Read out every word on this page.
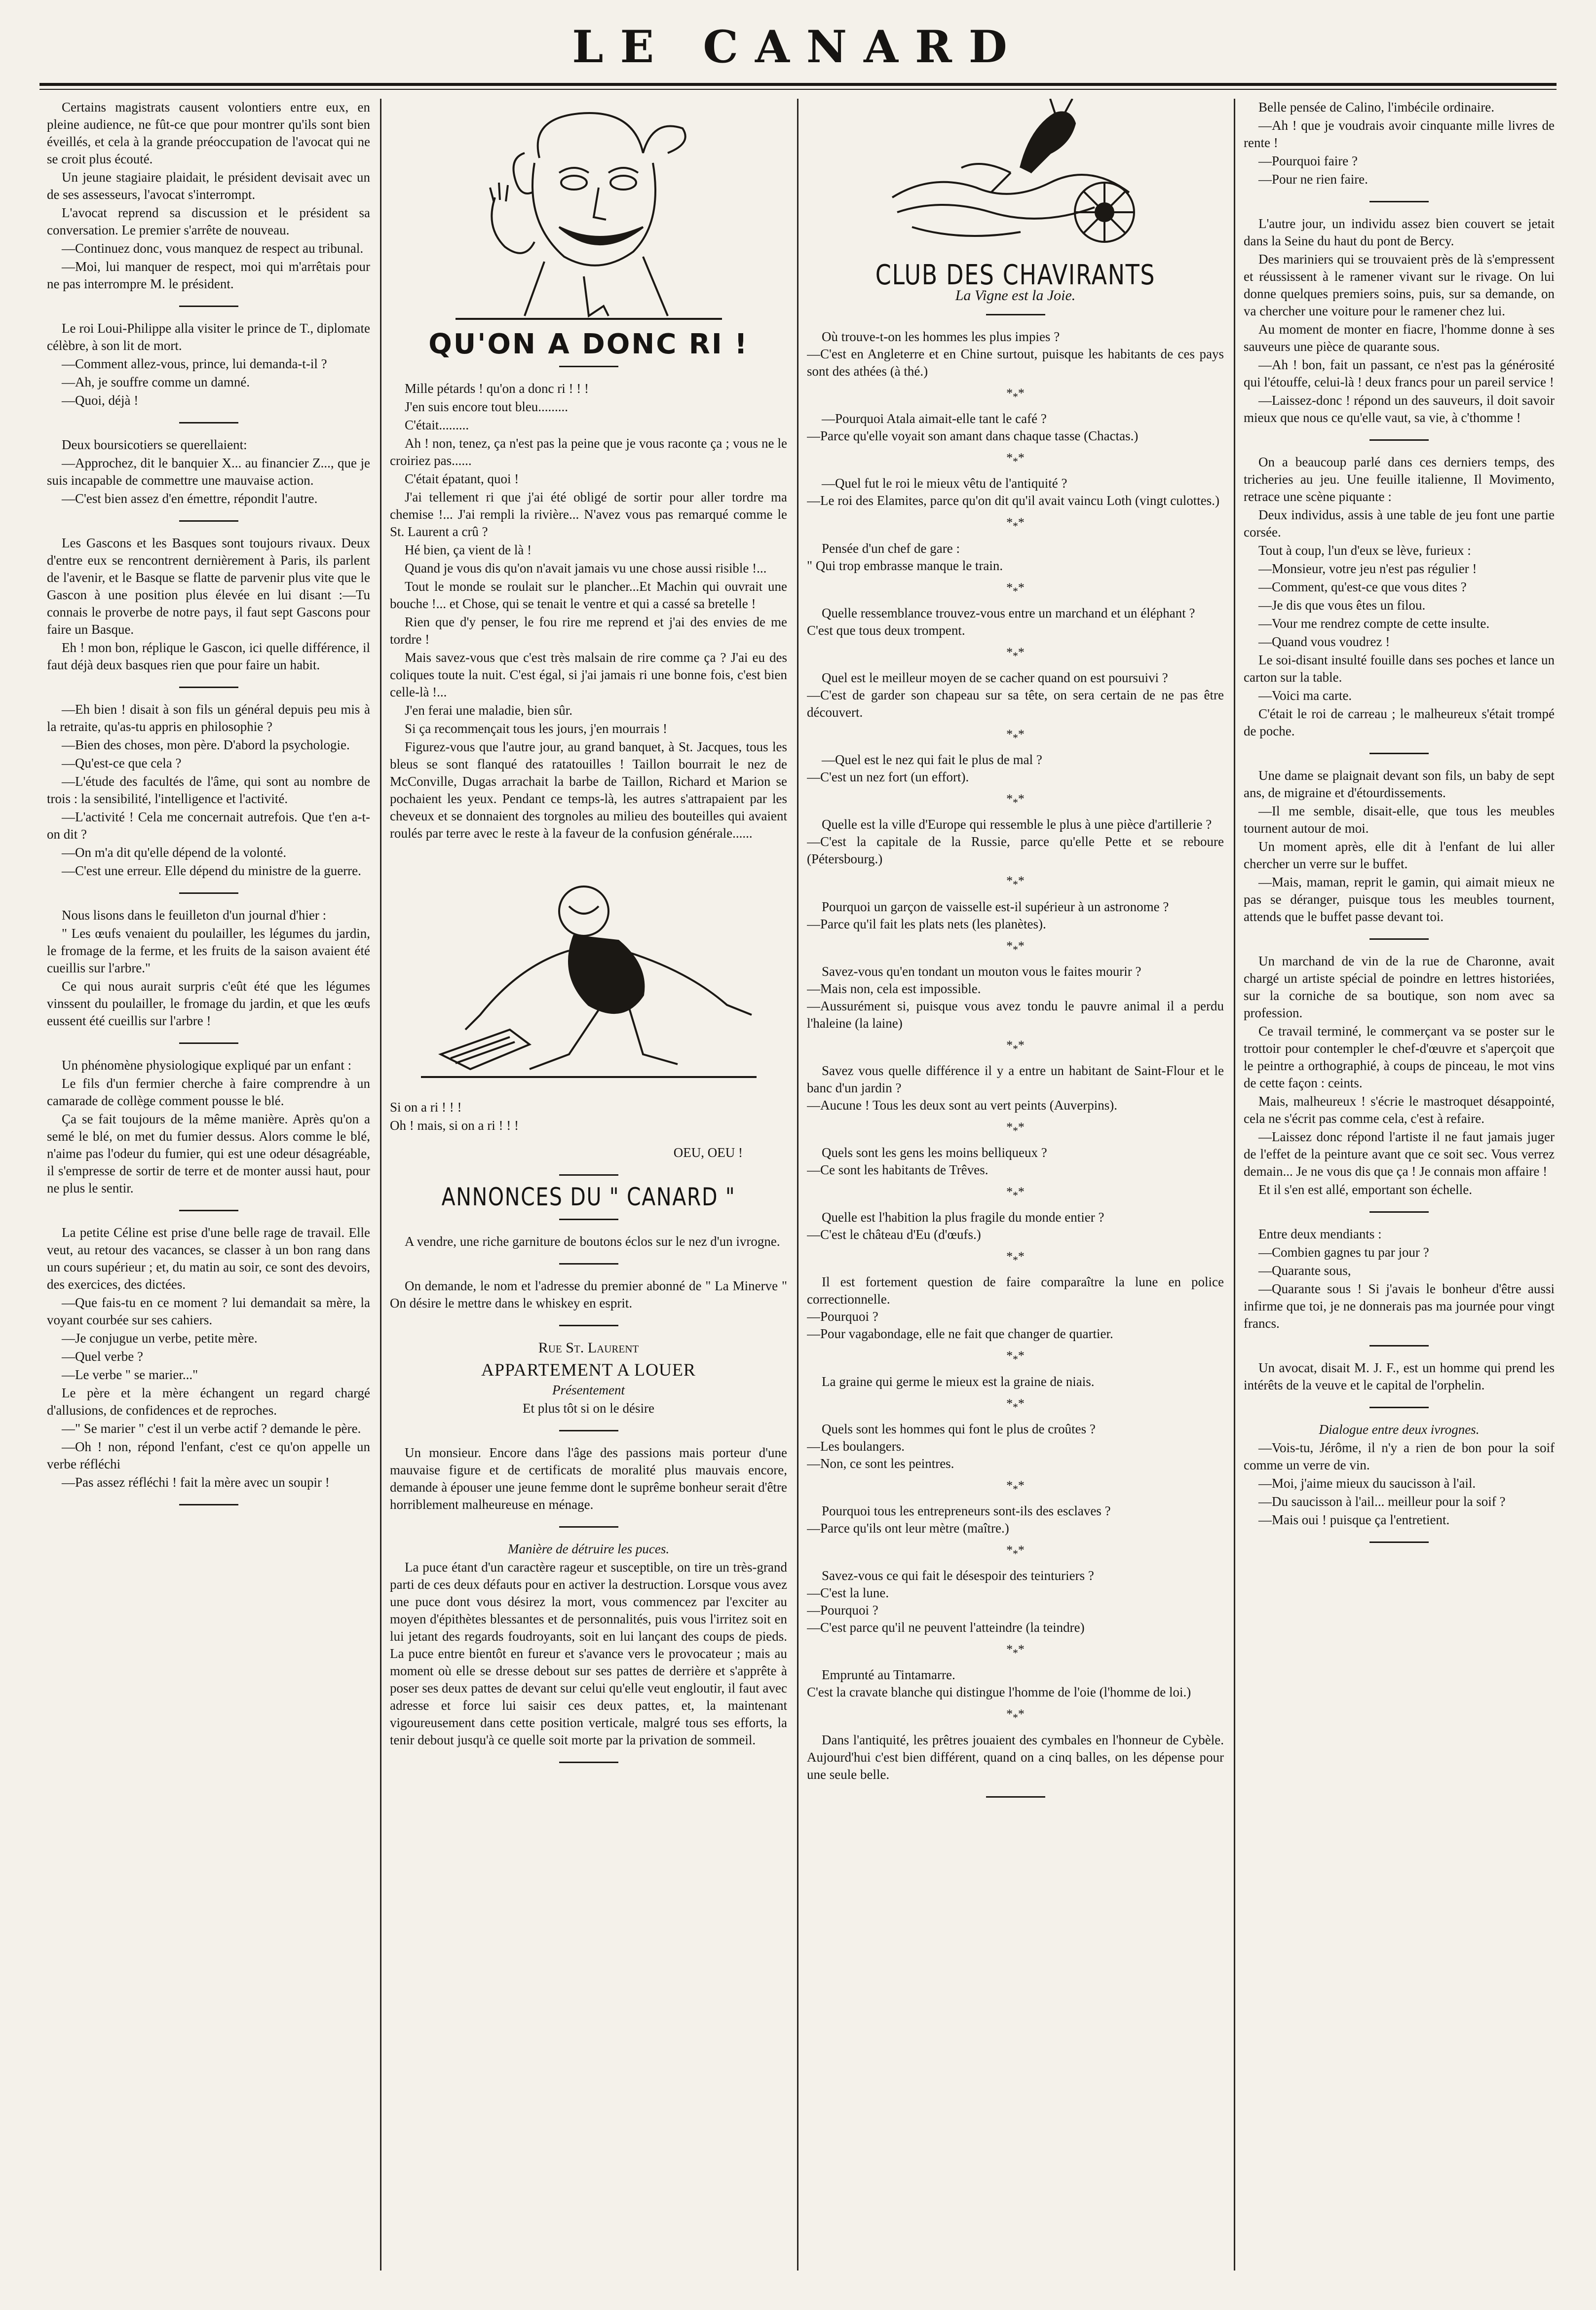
LE CANARD

Certains magistrats causent volontiers entre eux, en pleine audience, ne fût-ce que pour montrer qu'ils sont bien éveillés, et cela à la grande préoccupation de l'avocat qui ne se croit plus écouté.

Un jeune stagiaire plaidait, le président devisait avec un de ses assesseurs, l'avocat s'interrompt.

L'avocat reprend sa discussion et le président sa conversation. Le premier s'arrête de nouveau.

—Continuez donc, vous manquez de respect au tribunal.

—Moi, lui manquer de respect, moi qui m'arrêtais pour ne pas interrompre M. le président.

Le roi Loui-Philippe alla visiter le prince de T., diplomate célèbre, à son lit de mort.

—Comment allez-vous, prince, lui demanda-t-il ?

—Ah, je souffre comme un damné.

—Quoi, déjà !

Deux boursicotiers se querellaient:

—Approchez, dit le banquier X... au financier Z..., que je suis incapable de commettre une mauvaise action.

—C'est bien assez d'en émettre, répondit l'autre.

Les Gascons et les Basques sont toujours rivaux. Deux d'entre eux se rencontrent dernièrement à Paris, ils parlent de l'avenir, et le Basque se flatte de parvenir plus vite que le Gascon à une position plus élevée en lui disant :—Tu connais le proverbe de notre pays, il faut sept Gascons pour faire un Basque.

Eh ! mon bon, réplique le Gascon, ici quelle différence, il faut déjà deux basques rien que pour faire un habit.

—Eh bien ! disait à son fils un général depuis peu mis à la retraite, qu'as-tu appris en philosophie ?

—Bien des choses, mon père. D'abord la psychologie.

—Qu'est-ce que cela ?

—L'étude des facultés de l'âme, qui sont au nombre de trois : la sensibilité, l'intelligence et l'activité.

—L'activité ! Cela me concernait autrefois. Que t'en a-t-on dit ?

—On m'a dit qu'elle dépend de la volonté.

—C'est une erreur. Elle dépend du ministre de la guerre.

Nous lisons dans le feuilleton d'un journal d'hier :

" Les œufs venaient du poulailler, les légumes du jardin, le fromage de la ferme, et les fruits de la saison avaient été cueillis sur l'arbre."

Ce qui nous aurait surpris c'eût été que les légumes vinssent du poulailler, le fromage du jardin, et que les œufs eussent été cueillis sur l'arbre !

Un phénomène physiologique expliqué par un enfant :

Le fils d'un fermier cherche à faire comprendre à un camarade de collège comment pousse le blé.

Ça se fait toujours de la même manière. Après qu'on a semé le blé, on met du fumier dessus. Alors comme le blé, n'aime pas l'odeur du fumier, qui est une odeur désagréable, il s'empresse de sortir de terre et de monter aussi haut, pour ne plus le sentir.

La petite Céline est prise d'une belle rage de travail. Elle veut, au retour des vacances, se classer à un bon rang dans un cours supérieur ; et, du matin au soir, ce sont des devoirs, des exercices, des dictées.

—Que fais-tu en ce moment ? lui demandait sa mère, la voyant courbée sur ses cahiers.

—Je conjugue un verbe, petite mère.

—Quel verbe ?

—Le verbe " se marier..."

Le père et la mère échangent un regard chargé d'allusions, de confidences et de reproches.

—" Se marier " c'est il un verbe actif ? demande le père.

—Oh ! non, répond l'enfant, c'est ce qu'on appelle un verbe réfléchi

—Pas assez réfléchi ! fait la mère avec un soupir !

QU'ON A DONC RI !

Mille pétards ! qu'on a donc ri ! ! !

J'en suis encore tout bleu.........

C'était.........

Ah ! non, tenez, ça n'est pas la peine que je vous raconte ça ; vous ne le croiriez pas......

C'était épatant, quoi !

J'ai tellement ri que j'ai été obligé de sortir pour aller tordre ma chemise !... J'ai rempli la rivière... N'avez vous pas remarqué comme le St. Laurent a crû ?

Hé bien, ça vient de là !

Quand je vous dis qu'on n'avait jamais vu une chose aussi risible !...

Tout le monde se roulait sur le plancher...Et Machin qui ouvrait une bouche !... et Chose, qui se tenait le ventre et qui a cassé sa bretelle !

Rien que d'y penser, le fou rire me reprend et j'ai des envies de me tordre !

Mais savez-vous que c'est très malsain de rire comme ça ? J'ai eu des coliques toute la nuit. C'est égal, si j'ai jamais ri une bonne fois, c'est bien celle-là !...

J'en ferai une maladie, bien sûr.

Si ça recommençait tous les jours, j'en mourrais !

Figurez-vous que l'autre jour, au grand banquet, à St. Jacques, tous les bleus se sont flanqué des ratatouilles ! Taillon bourrait le nez de McConville, Dugas arrachait la barbe de Taillon, Richard et Marion se pochaient les yeux. Pendant ce temps-là, les autres s'attrapaient par les cheveux et se donnaient des torgnoles au milieu des bouteilles qui avaient roulés par terre avec le reste à la faveur de la confusion générale......

Si on a ri ! ! !

Oh ! mais, si on a ri ! ! !

OEU, OEU !

ANNONCES DU " CANARD "

A vendre, une riche garniture de boutons éclos sur le nez d'un ivrogne.

On demande, le nom et l'adresse du premier abonné de " La Minerve " On désire le mettre dans le whiskey en esprit.

Rue St. Laurent

APPARTEMENT A LOUER

Présentement

Et plus tôt si on le désire

Un monsieur. Encore dans l'âge des passions mais porteur d'une mauvaise figure et de certificats de moralité plus mauvais encore, demande à épouser une jeune femme dont le suprême bonheur serait d'être horriblement malheureuse en ménage.

Manière de détruire les puces.

La puce étant d'un caractère rageur et susceptible, on tire un très-grand parti de ces deux défauts pour en activer la destruction. Lorsque vous avez une puce dont vous désirez la mort, vous commencez par l'exciter au moyen d'épithètes blessantes et de personnalités, puis vous l'irritez soit en lui jetant des regards foudroyants, soit en lui lançant des coups de pieds. La puce entre bientôt en fureur et s'avance vers le provocateur ; mais au moment où elle se dresse debout sur ses pattes de derrière et s'apprête à poser ses deux pattes de devant sur celui qu'elle veut engloutir, il faut avec adresse et force lui saisir ces deux pattes, et, la maintenant vigoureusement dans cette position verticale, malgré tous ses efforts, la tenir debout jusqu'à ce quelle soit morte par la privation de sommeil.

CLUB DES CHAVIRANTS
La Vigne est la Joie.

Où trouve-t-on les hommes les plus impies ?
—C'est en Angleterre et en Chine surtout, puisque les habitants de ces pays sont des athées (à thé.)

$*_**$

—Pourquoi Atala aimait-elle tant le café ?
—Parce qu'elle voyait son amant dans chaque tasse (Chactas.)

$*_**$

—Quel fut le roi le mieux vêtu de l'antiquité ?
—Le roi des Elamites, parce qu'on dit qu'il avait vaincu Loth (vingt culottes.)

$*_**$

Pensée d'un chef de gare :
" Qui trop embrasse manque le train.

$*_**$

Quelle ressemblance trouvez-vous entre un marchand et un éléphant ?
C'est que tous deux trompent.

$*_**$

Quel est le meilleur moyen de se cacher quand on est poursuivi ?
—C'est de garder son chapeau sur sa tête, on sera certain de ne pas être découvert.

$*_**$

—Quel est le nez qui fait le plus de mal ?
—C'est un nez fort (un effort).

$*_**$

Quelle est la ville d'Europe qui ressemble le plus à une pièce d'artillerie ?
—C'est la capitale de la Russie, parce qu'elle Pette et se reboure (Pétersbourg.)

$*_**$

Pourquoi un garçon de vaisselle est-il supérieur à un astronome ?
—Parce qu'il fait les plats nets (les planètes).

$*_**$

Savez-vous qu'en tondant un mouton vous le faites mourir ?
—Mais non, cela est impossible.
—Aussurément si, puisque vous avez tondu le pauvre animal il a perdu l'haleine (la laine)

$*_**$

Savez vous quelle différence il y a entre un habitant de Saint-Flour et le banc d'un jardin ?
—Aucune ! Tous les deux sont au vert peints (Auverpins).

$*_**$

Quels sont les gens les moins belliqueux ?
—Ce sont les habitants de Trêves.

$*_**$

Quelle est l'habition la plus fragile du monde entier ?
—C'est le château d'Eu (d'œufs.)

$*_**$

Il est fortement question de faire comparaître la lune en police correctionnelle.
—Pourquoi ?
—Pour vagabondage, elle ne fait que changer de quartier.

$*_**$

La graine qui germe le mieux est la graine de niais.

$*_**$

Quels sont les hommes qui font le plus de croûtes ?
—Les boulangers.
—Non, ce sont les peintres.

$*_**$

Pourquoi tous les entrepreneurs sont-ils des esclaves ?
—Parce qu'ils ont leur mètre (maître.)

$*_**$

Savez-vous ce qui fait le désespoir des teinturiers ?
—C'est la lune.
—Pourquoi ?
—C'est parce qu'il ne peuvent l'atteindre (la teindre)

$*_**$

Emprunté au Tintamarre.
C'est la cravate blanche qui distingue l'homme de l'oie (l'homme de loi.)

$*_**$

Dans l'antiquité, les prêtres jouaient des cymbales en l'honneur de Cybèle. Aujourd'hui c'est bien différent, quand on a cinq balles, on les dépense pour une seule belle.

Belle pensée de Calino, l'imbécile ordinaire.

—Ah ! que je voudrais avoir cinquante mille livres de rente !

—Pourquoi faire ?

—Pour ne rien faire.

L'autre jour, un individu assez bien couvert se jetait dans la Seine du haut du pont de Bercy.

Des mariniers qui se trouvaient près de là s'empressent et réussissent à le ramener vivant sur le rivage. On lui donne quelques premiers soins, puis, sur sa demande, on va chercher une voiture pour le ramener chez lui.

Au moment de monter en fiacre, l'homme donne à ses sauveurs une pièce de quarante sous.

—Ah ! bon, fait un passant, ce n'est pas la générosité qui l'étouffe, celui-là ! deux francs pour un pareil service !

—Laissez-donc ! répond un des sauveurs, il doit savoir mieux que nous ce qu'elle vaut, sa vie, à c'thomme !

On a beaucoup parlé dans ces derniers temps, des tricheries au jeu. Une feuille italienne, Il Movimento, retrace une scène piquante :

Deux individus, assis à une table de jeu font une partie corsée.

Tout à coup, l'un d'eux se lève, furieux :

—Monsieur, votre jeu n'est pas régulier !

—Comment, qu'est-ce que vous dites ?

—Je dis que vous êtes un filou.

—Vour me rendrez compte de cette insulte.

—Quand vous voudrez !

Le soi-disant insulté fouille dans ses poches et lance un carton sur la table.

—Voici ma carte.

C'était le roi de carreau ; le malheureux s'était trompé de poche.

Une dame se plaignait devant son fils, un baby de sept ans, de migraine et d'étourdissements.

—Il me semble, disait-elle, que tous les meubles tournent autour de moi.

Un moment après, elle dit à l'enfant de lui aller chercher un verre sur le buffet.

—Mais, maman, reprit le gamin, qui aimait mieux ne pas se déranger, puisque tous les meubles tournent, attends que le buffet passe devant toi.

Un marchand de vin de la rue de Charonne, avait chargé un artiste spécial de poindre en lettres historiées, sur la corniche de sa boutique, son nom avec sa profession.

Ce travail terminé, le commerçant va se poster sur le trottoir pour contempler le chef-d'œuvre et s'aperçoit que le peintre a orthographié, à coups de pinceau, le mot vins de cette façon : ceints.

Mais, malheureux ! s'écrie le mastroquet désappointé, cela ne s'écrit pas comme cela, c'est à refaire.

—Laissez donc répond l'artiste il ne faut jamais juger de l'effet de la peinture avant que ce soit sec. Vous verrez demain... Je ne vous dis que ça ! Je connais mon affaire !

Et il s'en est allé, emportant son échelle.

Entre deux mendiants :

—Combien gagnes tu par jour ?

—Quarante sous,

—Quarante sous ! Si j'avais le bonheur d'être aussi infirme que toi, je ne donnerais pas ma journée pour vingt francs.

Un avocat, disait M. J. F., est un homme qui prend les intérêts de la veuve et le capital de l'orphelin.

Dialogue entre deux ivrognes.

—Vois-tu, Jérôme, il n'y a rien de bon pour la soif comme un verre de vin.

—Moi, j'aime mieux du saucisson à l'ail.

—Du saucisson à l'ail... meilleur pour la soif ?

—Mais oui ! puisque ça l'entretient.
